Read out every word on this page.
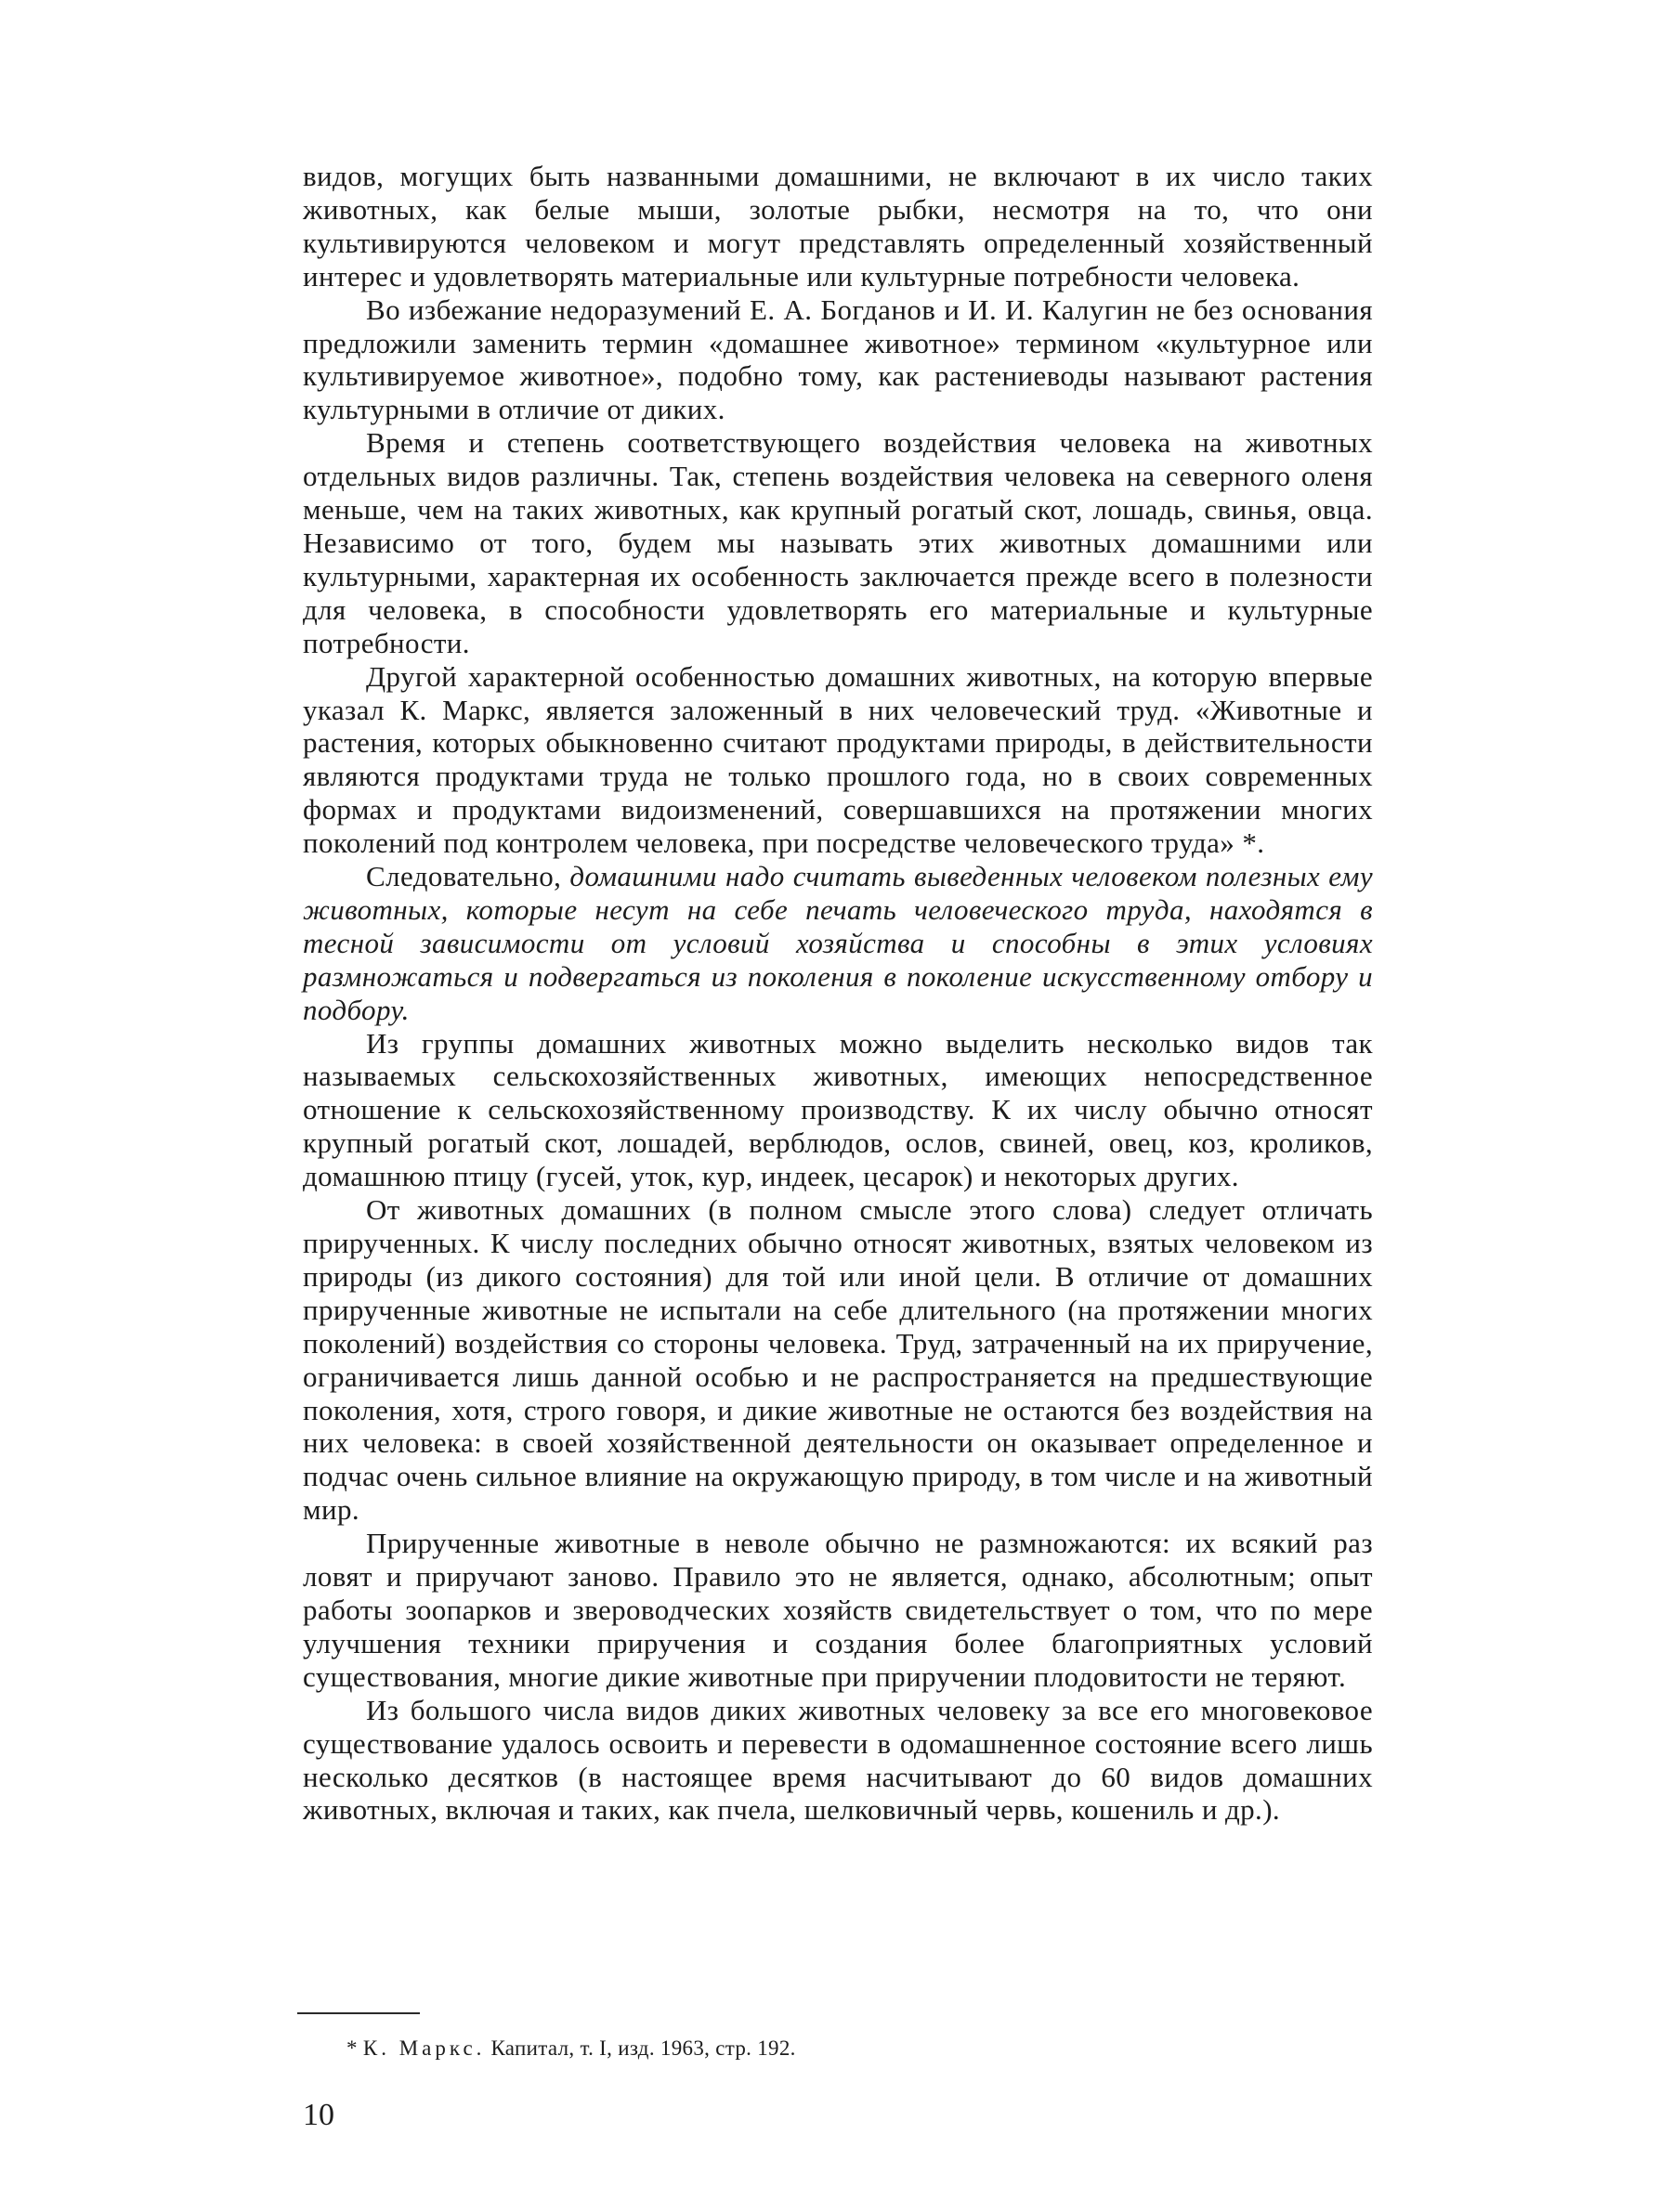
видов, могущих быть названными домашними, не включают в их число таких животных, как белые мыши, золотые рыбки, несмотря на то, что они культивируются человеком и могут представлять определенный хозяйственный интерес и удовлетворять материальные или культурные потребности человека.

Во избежание недоразумений Е. А. Богданов и И. И. Калугин не без основания предложили заменить термин «домашнее животное» термином «культурное или культивируемое животное», подобно тому, как растениеводы называют растения культурными в отличие от диких.

Время и степень соответствующего воздействия человека на животных отдельных видов различны. Так, степень воздействия человека на северного оленя меньше, чем на таких животных, как крупный рогатый скот, лошадь, свинья, овца. Независимо от того, будем мы называть этих животных домашними или культурными, характерная их особенность заключается прежде всего в полезности для человека, в способности удовлетворять его материальные и культурные потребности.

Другой характерной особенностью домашних животных, на которую впервые указал К. Маркс, является заложенный в них человеческий труд. «Животные и растения, которых обыкновенно считают продуктами природы, в действительности являются продуктами труда не только прошлого года, но в своих современных формах и продуктами видоизменений, совершавшихся на протяжении многих поколений под контролем человека, при посредстве человеческого труда» *.

Следовательно, домашними надо считать выведенных человеком полезных ему животных, которые несут на себе печать человеческого труда, находятся в тесной зависимости от условий хозяйства и способны в этих условиях размножаться и подвергаться из поколения в поколение искусственному отбору и подбору.

Из группы домашних животных можно выделить несколько видов так называемых сельскохозяйственных животных, имеющих непосредственное отношение к сельскохозяйственному производству. К их числу обычно относят крупный рогатый скот, лошадей, верблюдов, ослов, свиней, овец, коз, кроликов, домашнюю птицу (гусей, уток, кур, индеек, цесарок) и некоторых других.

От животных домашних (в полном смысле этого слова) следует отличать прирученных. К числу последних обычно относят животных, взятых человеком из природы (из дикого состояния) для той или иной цели. В отличие от домашних прирученные животные не испытали на себе длительного (на протяжении многих поколений) воздействия со стороны человека. Труд, затраченный на их приручение, ограничивается лишь данной особью и не распространяется на предшествующие поколения, хотя, строго говоря, и дикие животные не остаются без воздействия на них человека: в своей хозяйственной деятельности он оказывает определенное и подчас очень сильное влияние на окружающую природу, в том числе и на животный мир.

Прирученные животные в неволе обычно не размножаются: их всякий раз ловят и приручают заново. Правило это не является, однако, абсолютным; опыт работы зоопарков и звероводческих хозяйств свидетельствует о том, что по мере улучшения техники приручения и создания более благоприятных условий существования, многие дикие животные при приручении плодовитости не теряют.

Из большого числа видов диких животных человеку за все его многовековое существование удалось освоить и перевести в одомашненное состояние всего лишь несколько десятков (в настоящее время насчитывают до 60 видов домашних животных, включая и таких, как пчела, шелковичный червь, кошениль и др.).

* К. Маркс. Капитал, т. I, изд. 1963, стр. 192.
10
